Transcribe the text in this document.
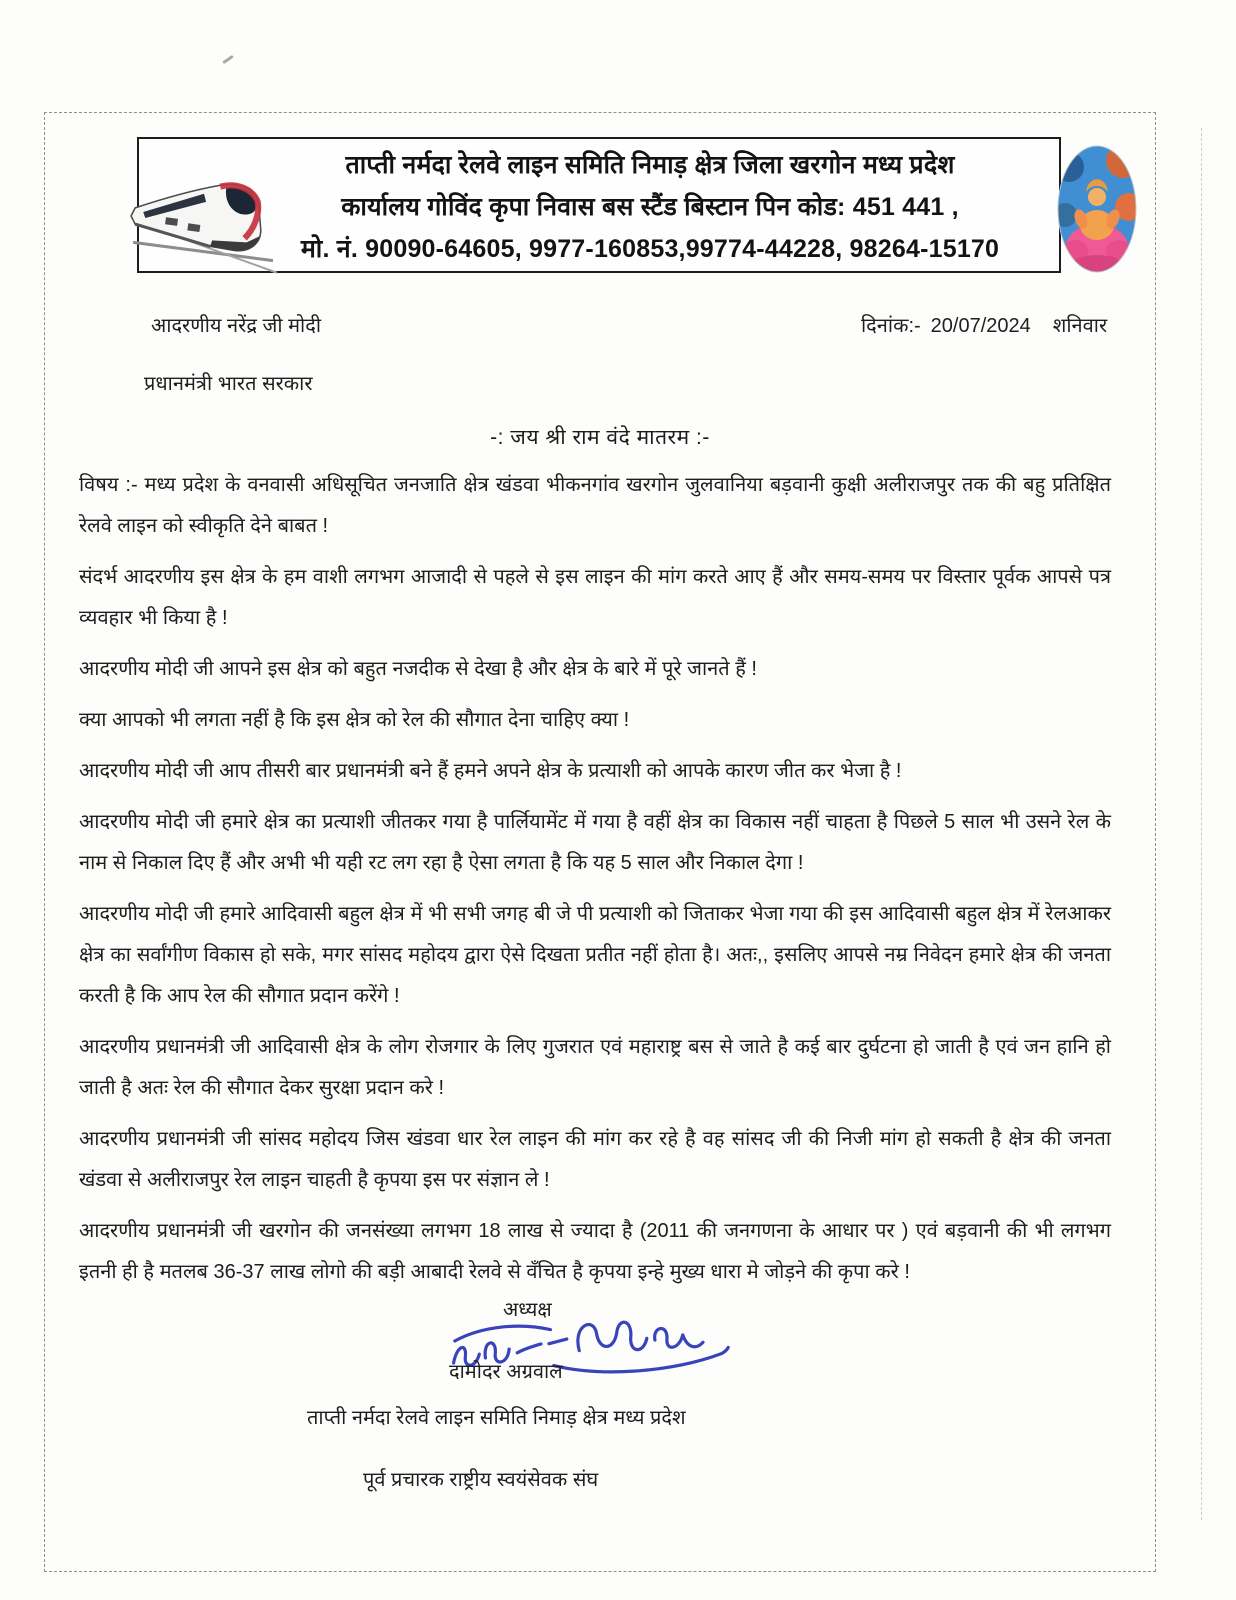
ताप्ती नर्मदा रेलवे लाइन समिति निमाड़ क्षेत्र जिला खरगोन मध्य प्रदेश
कार्यालय गोविंद कृपा निवास बस स्टैंड बिस्टान पिन कोड: 451 441 ,
मो. नं. 90090-64605, 9977-160853,99774-44228, 98264-15170
आदरणीय नरेंद्र जी मोदी	दिनांक:- 20/07/2024 शनिवार
प्रधानमंत्री भारत सरकार
-: जय श्री राम वंदे मातरम :-

विषय :- मध्य प्रदेश के वनवासी अधिसूचित जनजाति क्षेत्र खंडवा भीकनगांव खरगोन जुलवानिया बड़वानी कुक्षी अलीराजपुर तक की बहु प्रतिक्षित रेलवे लाइन को स्वीकृति देने बाबत !

संदर्भ आदरणीय इस क्षेत्र के हम वाशी लगभग आजादी से पहले से इस लाइन की मांग करते आए हैं और समय-समय पर विस्तार पूर्वक आपसे पत्र व्यवहार भी किया है !

आदरणीय मोदी जी आपने इस क्षेत्र को बहुत नजदीक से देखा है और क्षेत्र के बारे में पूरे जानते हैं !

क्या आपको भी लगता नहीं है कि इस क्षेत्र को रेल की सौगात देना चाहिए क्या !

आदरणीय मोदी जी आप तीसरी बार प्रधानमंत्री बने हैं हमने अपने क्षेत्र के प्रत्याशी को आपके कारण जीत कर भेजा है !

आदरणीय मोदी जी हमारे क्षेत्र का प्रत्याशी जीतकर गया है पार्लियामेंट में गया है वहीं क्षेत्र का विकास नहीं चाहता है पिछले 5 साल भी उसने रेल के नाम से निकाल दिए हैं और अभी भी यही रट लग रहा है ऐसा लगता है कि यह 5 साल और निकाल देगा !

आदरणीय मोदी जी हमारे आदिवासी बहुल क्षेत्र में भी सभी जगह बी जे पी प्रत्याशी को जिताकर भेजा गया की इस आदिवासी बहुल क्षेत्र में रेलआकर क्षेत्र का सर्वांगीण विकास हो सके, मगर सांसद महोदय द्वारा ऐसे दिखता प्रतीत नहीं होता है। अतः,, इसलिए आपसे नम्र निवेदन हमारे क्षेत्र की जनता करती है कि आप रेल की सौगात प्रदान करेंगे !

आदरणीय प्रधानमंत्री जी आदिवासी क्षेत्र के लोग रोजगार के लिए गुजरात एवं महाराष्ट्र बस से जाते है कई बार दुर्घटना हो जाती है एवं जन हानि हो जाती है अतः रेल की सौगात देकर सुरक्षा प्रदान करे !

आदरणीय प्रधानमंत्री जी सांसद महोदय जिस खंडवा धार रेल लाइन की मांग कर रहे है वह सांसद जी की निजी मांग हो सकती है क्षेत्र की जनता खंडवा से अलीराजपुर रेल लाइन चाहती है कृपया इस पर संज्ञान ले !

आदरणीय प्रधानमंत्री जी खरगोन की जनसंख्या लगभग 18 लाख से ज्यादा है (2011 की जनगणना के आधार पर ) एवं बड़वानी की भी लगभग इतनी ही है मतलब 36-37 लाख लोगो की बड़ी आबादी रेलवे से वँचित है कृपया इन्हे मुख्य धारा मे जोड़ने की कृपा करे !

अध्यक्ष
दामोदर अग्रवाल
ताप्ती नर्मदा रेलवे लाइन समिति निमाड़ क्षेत्र मध्य प्रदेश
पूर्व प्रचारक राष्ट्रीय स्वयंसेवक संघ
